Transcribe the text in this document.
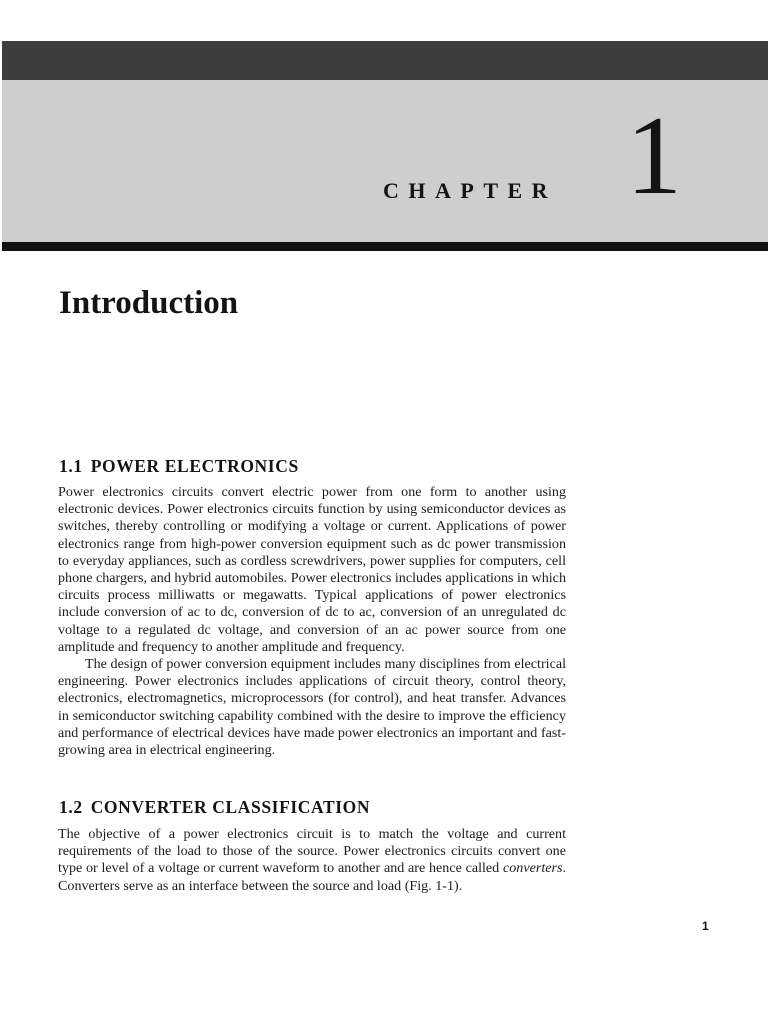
CHAPTER 1
Introduction
1.1 POWER ELECTRONICS

Power electronics circuits convert electric power from one form to another using electronic devices. Power electronics circuits function by using semiconductor devices as switches, thereby controlling or modifying a voltage or current. Applications of power electronics range from high-power conversion equipment such as dc power transmission to everyday appliances, such as cordless screwdrivers, power supplies for computers, cell phone chargers, and hybrid automobiles. Power electronics includes applications in which circuits process milliwatts or megawatts. Typical applications of power electronics include conversion of ac to dc, conversion of dc to ac, conversion of an unregulated dc voltage to a regulated dc voltage, and conversion of an ac power source from one amplitude and frequency to another amplitude and frequency.

The design of power conversion equipment includes many disciplines from electrical engineering. Power electronics includes applications of circuit theory, control theory, electronics, electromagnetics, microprocessors (for control), and heat transfer. Advances in semiconductor switching capability combined with the desire to improve the efficiency and performance of electrical devices have made power electronics an important and fast-growing area in electrical engineering.

1.2 CONVERTER CLASSIFICATION

The objective of a power electronics circuit is to match the voltage and current requirements of the load to those of the source. Power electronics circuits convert one type or level of a voltage or current waveform to another and are hence called converters. Converters serve as an interface between the source and load (Fig. 1-1).

1
